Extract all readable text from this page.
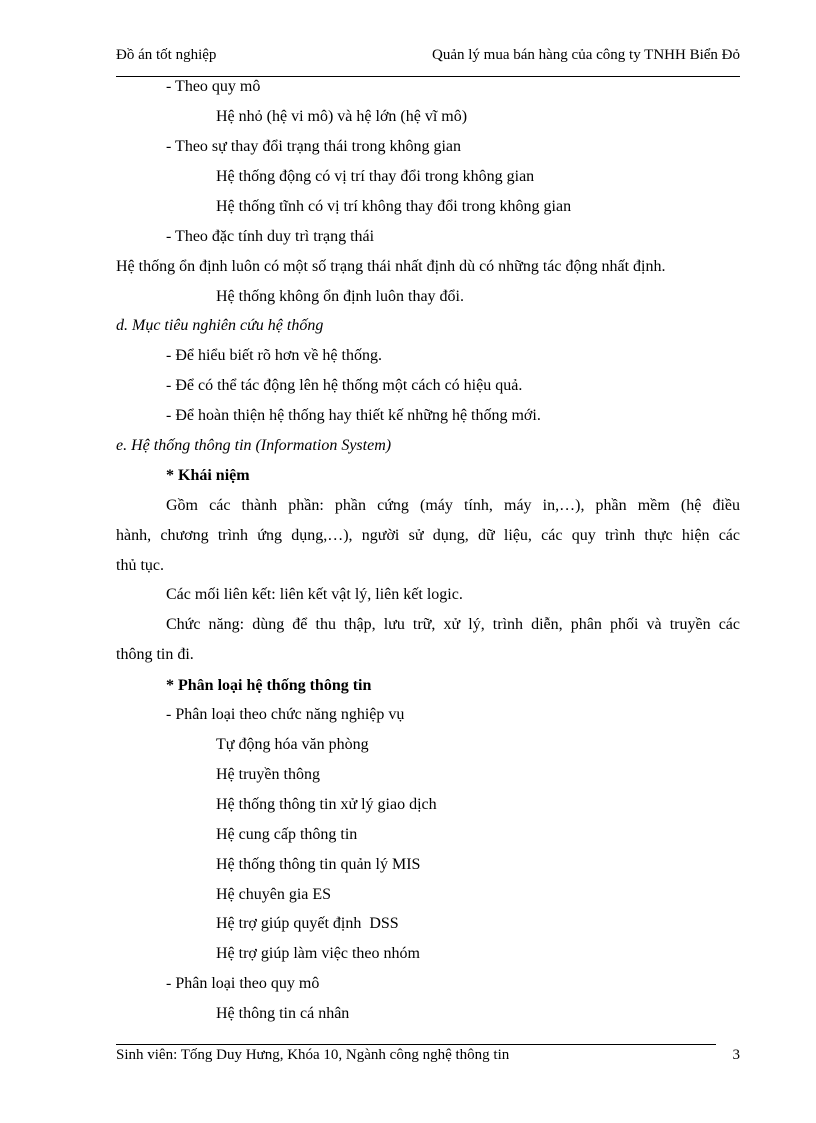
Đồ án tốt nghiệp	Quản lý mua bán hàng của công ty TNHH Biển Đỏ
- Theo quy mô
Hệ nhỏ (hệ vi mô) và hệ lớn (hệ vĩ mô)
- Theo sự thay đổi trạng thái trong không gian
Hệ thống động có vị trí thay đổi trong không gian
Hệ thống tĩnh có vị trí không thay đổi trong không gian
- Theo đặc tính duy trì trạng thái
Hệ thống ổn định luôn có một số trạng thái nhất định dù có những tác động nhất định.
Hệ thống không ổn định luôn thay đổi.
d. Mục tiêu nghiên cứu hệ thống
- Để hiểu biết rõ hơn về hệ thống.
- Để có thể tác động lên hệ thống một cách có hiệu quả.
- Để hoàn thiện hệ thống hay thiết kế những hệ thống mới.
e. Hệ thống thông tin (Information System)
* Khái niệm
Gồm các thành phần: phần cứng (máy tính, máy in,…), phần mềm (hệ điều
hành, chương trình ứng dụng,…), người sử dụng, dữ liệu, các quy trình thực hiện các
thủ tục.
Các mối liên kết: liên kết vật lý, liên kết logic.
Chức năng: dùng để thu thập, lưu trữ, xử lý, trình diễn, phân phối và truyền các
thông tin đi.
* Phân loại hệ thống thông tin
- Phân loại theo chức năng nghiệp vụ
Tự động hóa văn phòng
Hệ truyền thông
Hệ thống thông tin xử lý giao dịch
Hệ cung cấp thông tin
Hệ thống thông tin quản lý MIS
Hệ chuyên gia ES
Hệ trợ giúp quyết định  DSS
Hệ trợ giúp làm việc theo nhóm
- Phân loại theo quy mô
Hệ thông tin cá nhân
Sinh viên: Tống Duy Hưng, Khóa 10, Ngành công nghệ thông tin	3
